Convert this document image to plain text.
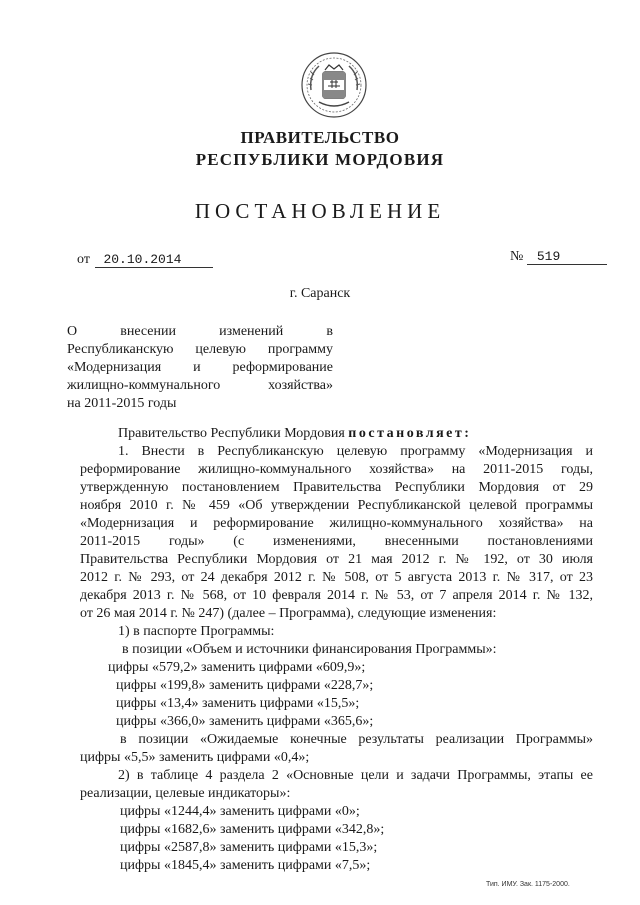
ПРАВИТЕЛЬСТВО
РЕСПУБЛИКИ МОРДОВИЯ
ПОСТАНОВЛЕНИЕ
от 20.10.2014	№ 519
г. Саранск
О внесении изменений в
Республиканскую целевую программу
«Модернизация и реформирование
жилищно-коммунального хозяйства»
на 2011-2015 годы
Правительство Республики Мордовия постановляет:
1. Внести в Республиканскую целевую программу «Модернизация и
реформирование жилищно-коммунального хозяйства» на 2011-2015 годы,
утвержденную постановлением Правительства Республики Мордовия от 29
ноября 2010 г. № 459 «Об утверждении Республиканской целевой программы
«Модернизация и реформирование жилищно-коммунального хозяйства» на
2011-2015 годы» (с изменениями, внесенными постановлениями
Правительства Республики Мордовия от 21 мая 2012 г. № 192, от 30 июля
2012 г. № 293, от 24 декабря 2012 г. № 508, от 5 августа 2013 г. № 317, от 23
декабря 2013 г. № 568, от 10 февраля 2014 г. № 53, от 7 апреля 2014 г. № 132,
от 26 мая 2014 г. № 247) (далее – Программа), следующие изменения:
1) в паспорте Программы:
в позиции «Объем и источники финансирования Программы»:
цифры «579,2» заменить цифрами «609,9»;
цифры «199,8» заменить цифрами «228,7»;
цифры «13,4» заменить цифрами «15,5»;
цифры «366,0» заменить цифрами «365,6»;
в позиции «Ожидаемые конечные результаты реализации Программы»
цифры «5,5» заменить цифрами «0,4»;
2) в таблице 4 раздела 2 «Основные цели и задачи Программы, этапы ее
реализации, целевые индикаторы»:
цифры «1244,4» заменить цифрами «0»;
цифры «1682,6» заменить цифрами «342,8»;
цифры «2587,8» заменить цифрами «15,3»;
цифры «1845,4» заменить цифрами «7,5»;
Тип. ИМУ. Зак. 1175-2000.
